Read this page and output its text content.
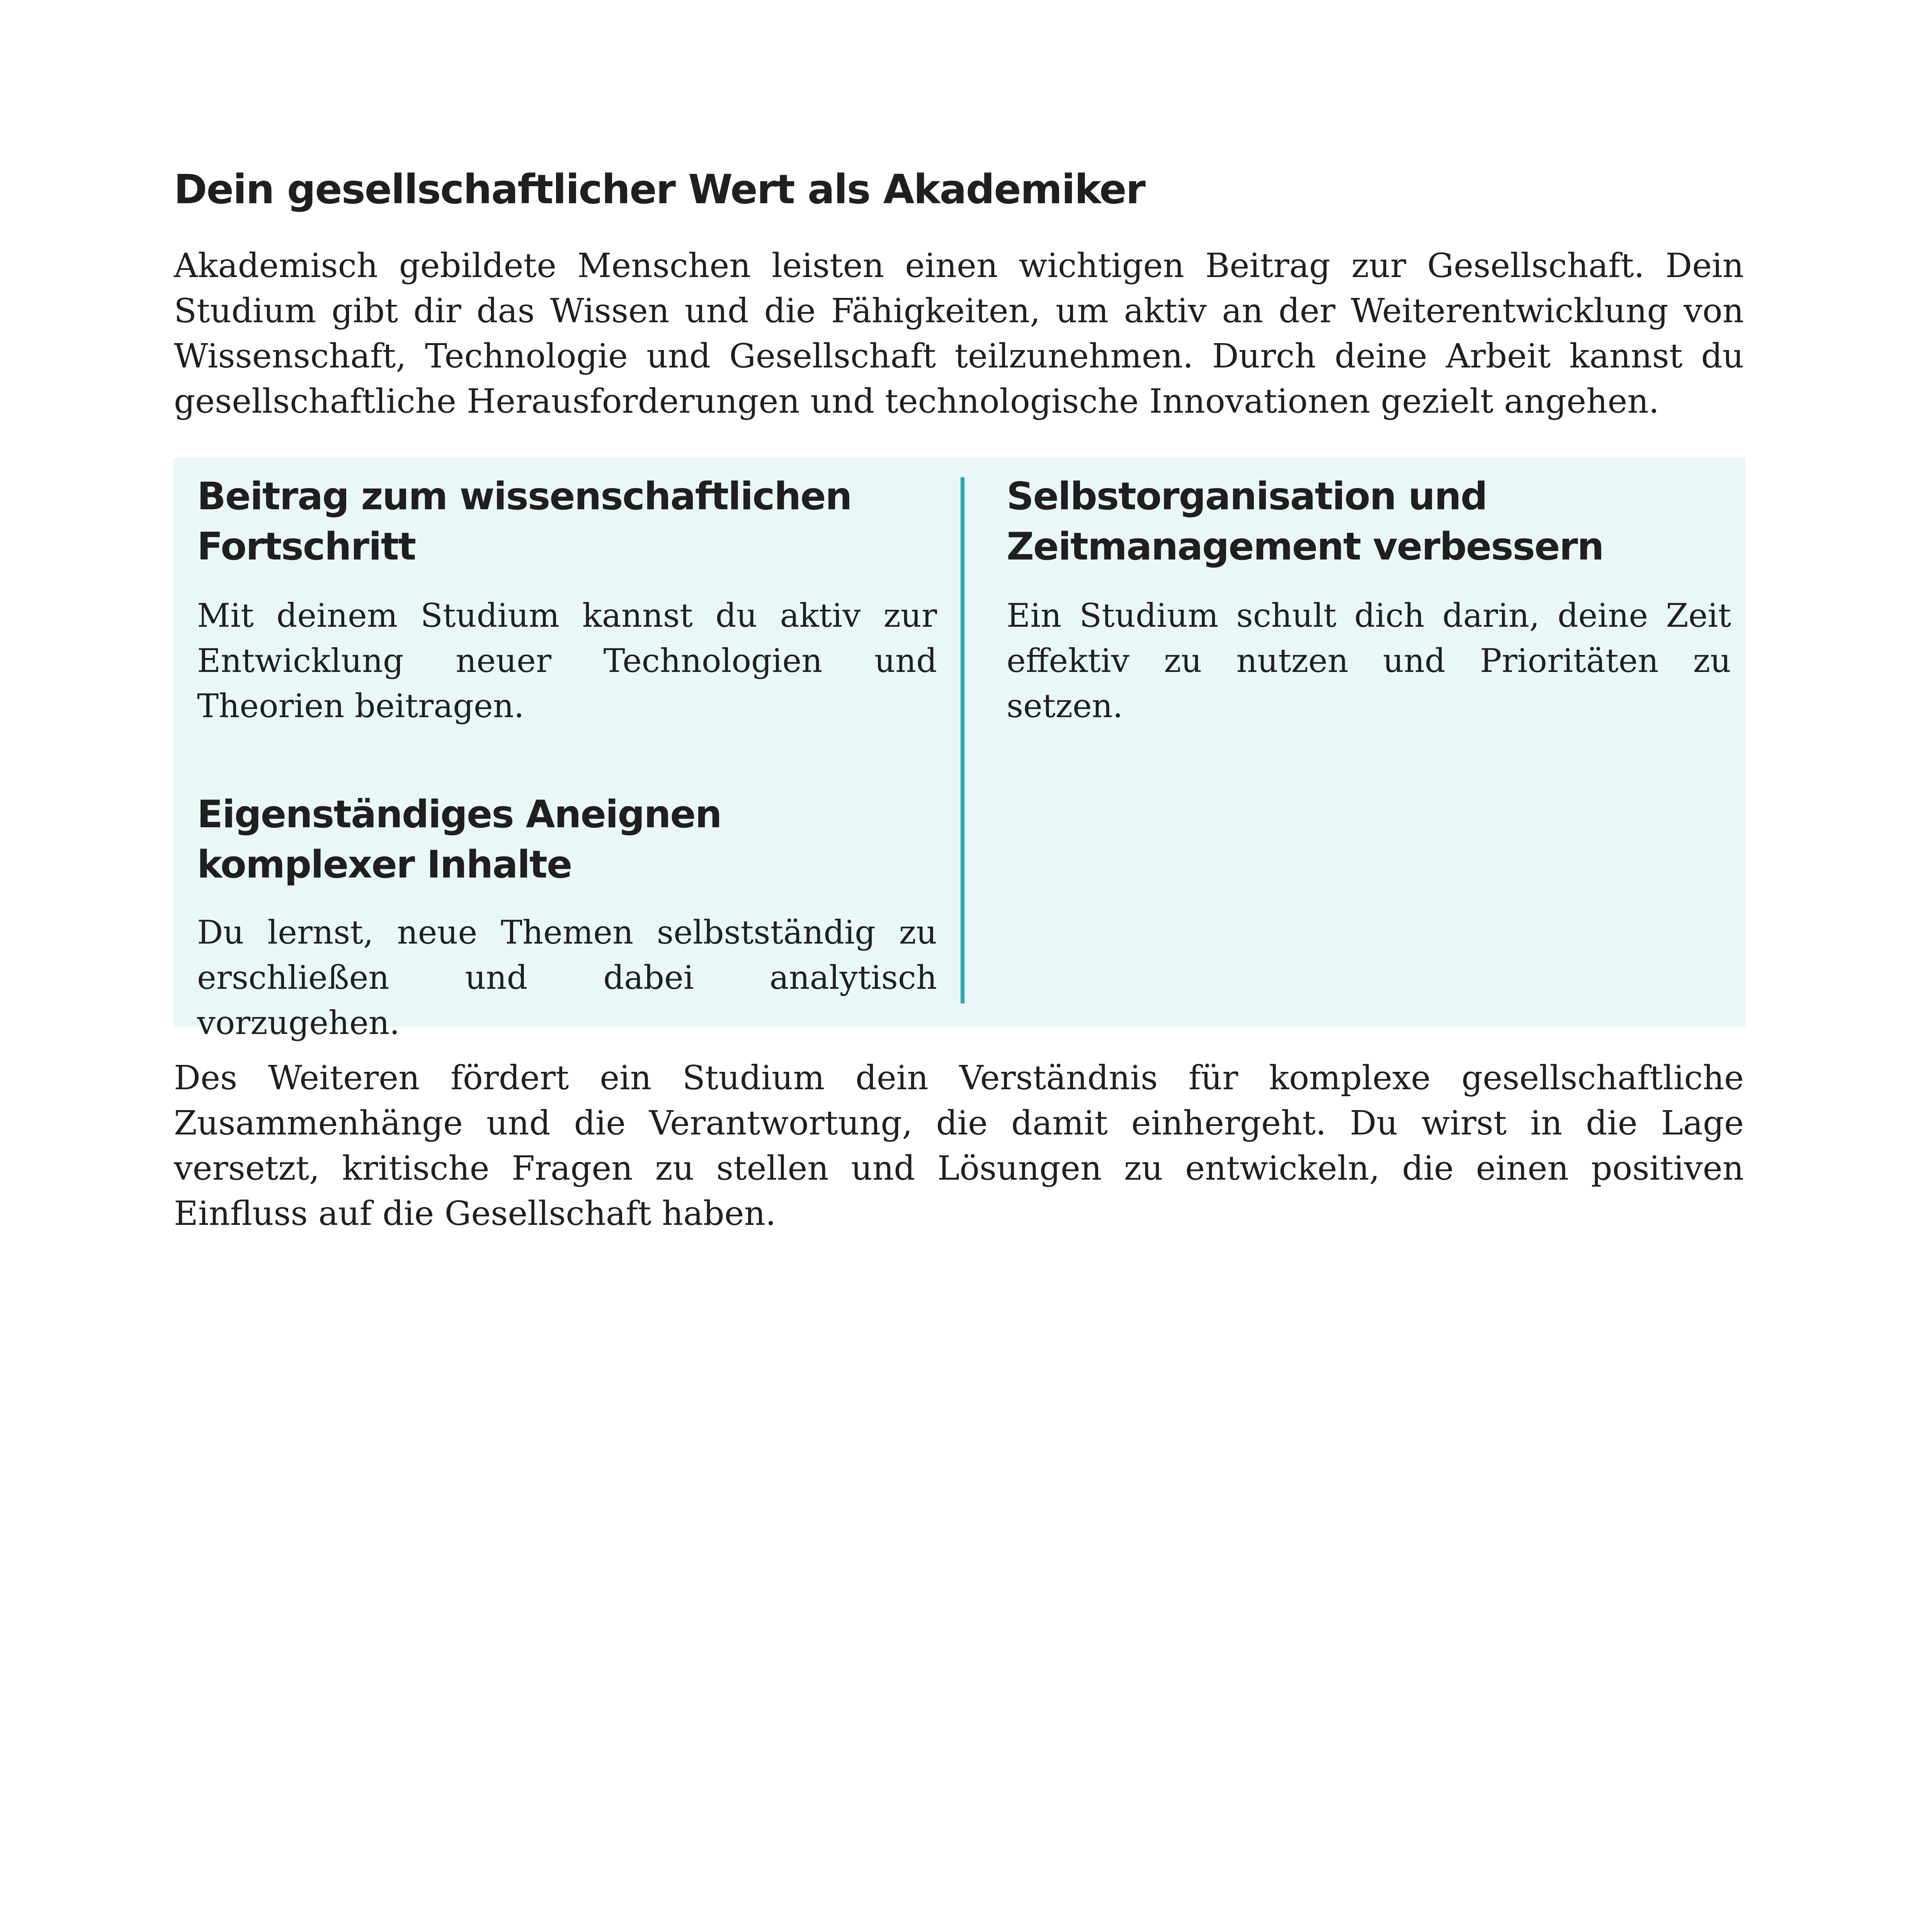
Dein gesellschaftlicher Wert als Akademiker

Akademisch gebildete Menschen leisten einen wichtigen Beitrag zur Gesellschaft. Dein Studium gibt dir das Wissen und die Fähigkeiten, um aktiv an der Weiterentwicklung von Wissenschaft, Technologie und Gesellschaft teilzunehmen. Durch deine Arbeit kannst du gesellschaftliche Herausforderungen und technologische Innovationen gezielt angehen.

Beitrag zum wissenschaftlichen Fortschritt

Mit deinem Studium kannst du aktiv zur Entwicklung neuer Technologien und Theorien beitragen.

Eigenständiges Aneignen komplexer Inhalte

Du lernst, neue Themen selbstständig zu erschließen und dabei analytisch vorzugehen.

Selbstorganisation und Zeitmanagement verbessern

Ein Studium schult dich darin, deine Zeit effektiv zu nutzen und Prioritäten zu setzen.

Des Weiteren fördert ein Studium dein Verständnis für komplexe gesellschaftliche Zusammenhänge und die Verantwortung, die damit einhergeht. Du wirst in die Lage versetzt, kritische Fragen zu stellen und Lösungen zu entwickeln, die einen positiven Einfluss auf die Gesellschaft haben.
